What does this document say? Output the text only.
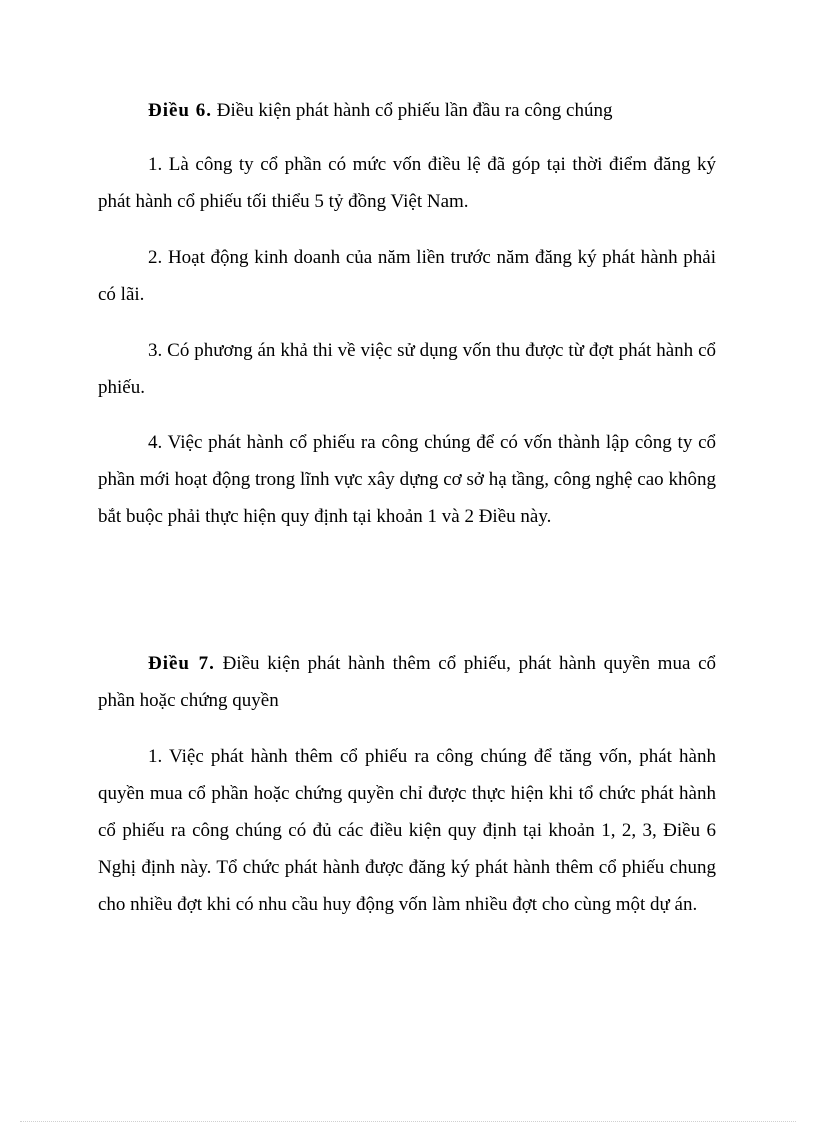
Điều 6. Điều kiện phát hành cổ phiếu lần đầu ra công chúng

1. Là công ty cổ phần có mức vốn điều lệ đã góp tại thời điểm đăng ký phát hành cổ phiếu tối thiểu 5 tỷ đồng Việt Nam.

2. Hoạt động kinh doanh của năm liền trước năm đăng ký phát hành phải có lãi.

3. Có phương án khả thi về việc sử dụng vốn thu được từ đợt phát hành cổ phiếu.

4. Việc phát hành cổ phiếu ra công chúng để có vốn thành lập công ty cổ phần mới hoạt động trong lĩnh vực xây dựng cơ sở hạ tầng, công nghệ cao không bắt buộc phải thực hiện quy định tại khoản 1 và 2 Điều này.

Điều 7. Điều kiện phát hành thêm cổ phiếu, phát hành quyền mua cổ phần hoặc chứng quyền

1. Việc phát hành thêm cổ phiếu ra công chúng để tăng vốn, phát hành quyền mua cổ phần hoặc chứng quyền chỉ được thực hiện khi tổ chức phát hành cổ phiếu ra công chúng có đủ các điều kiện quy định tại khoản 1, 2, 3, Điều 6 Nghị định này. Tổ chức phát hành được đăng ký phát hành thêm cổ phiếu chung cho nhiều đợt khi có nhu cầu huy động vốn làm nhiều đợt cho cùng một dự án.
